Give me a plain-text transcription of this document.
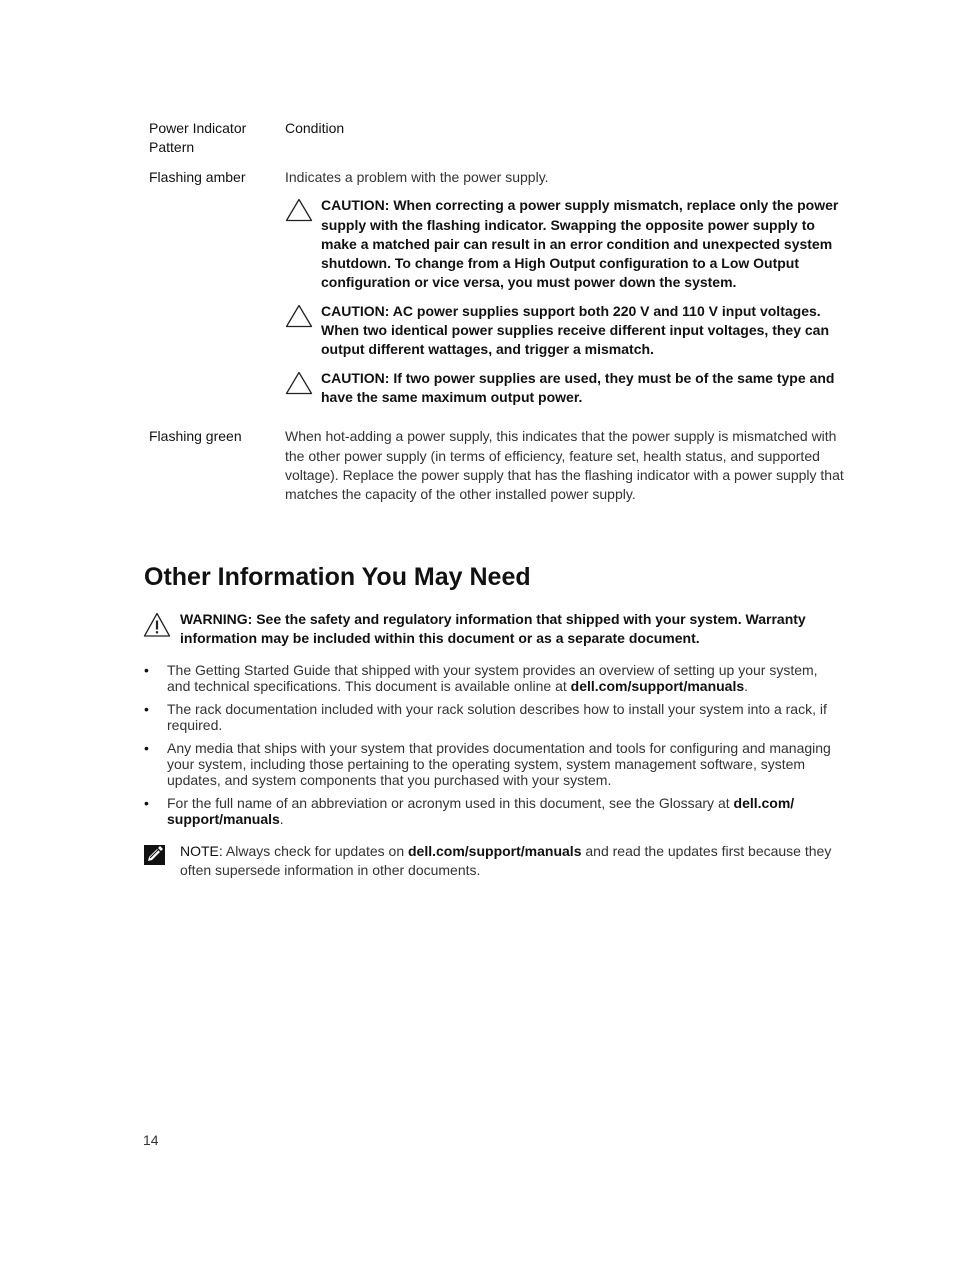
Power Indicator Pattern
Condition
Flashing amber	Indicates a problem with the power supply.
CAUTION: When correcting a power supply mismatch, replace only the power supply with the flashing indicator. Swapping the opposite power supply to make a matched pair can result in an error condition and unexpected system shutdown. To change from a High Output configuration to a Low Output configuration or vice versa, you must power down the system.
CAUTION: AC power supplies support both 220 V and 110 V input voltages. When two identical power supplies receive different input voltages, they can output different wattages, and trigger a mismatch.
CAUTION: If two power supplies are used, they must be of the same type and have the same maximum output power.
Flashing green	When hot-adding a power supply, this indicates that the power supply is mismatched with the other power supply (in terms of efficiency, feature set, health status, and supported voltage). Replace the power supply that has the flashing indicator with a power supply that matches the capacity of the other installed power supply.
Other Information You May Need
WARNING: See the safety and regulatory information that shipped with your system. Warranty information may be included within this document or as a separate document.
• The Getting Started Guide that shipped with your system provides an overview of setting up your system, and technical specifications. This document is available online at dell.com/support/manuals.
• The rack documentation included with your rack solution describes how to install your system into a rack, if required.
• Any media that ships with your system that provides documentation and tools for configuring and managing your system, including those pertaining to the operating system, system management software, system updates, and system components that you purchased with your system.
• For the full name of an abbreviation or acronym used in this document, see the Glossary at dell.com/ support/manuals.
NOTE: Always check for updates on dell.com/support/manuals and read the updates first because they often supersede information in other documents.
14
